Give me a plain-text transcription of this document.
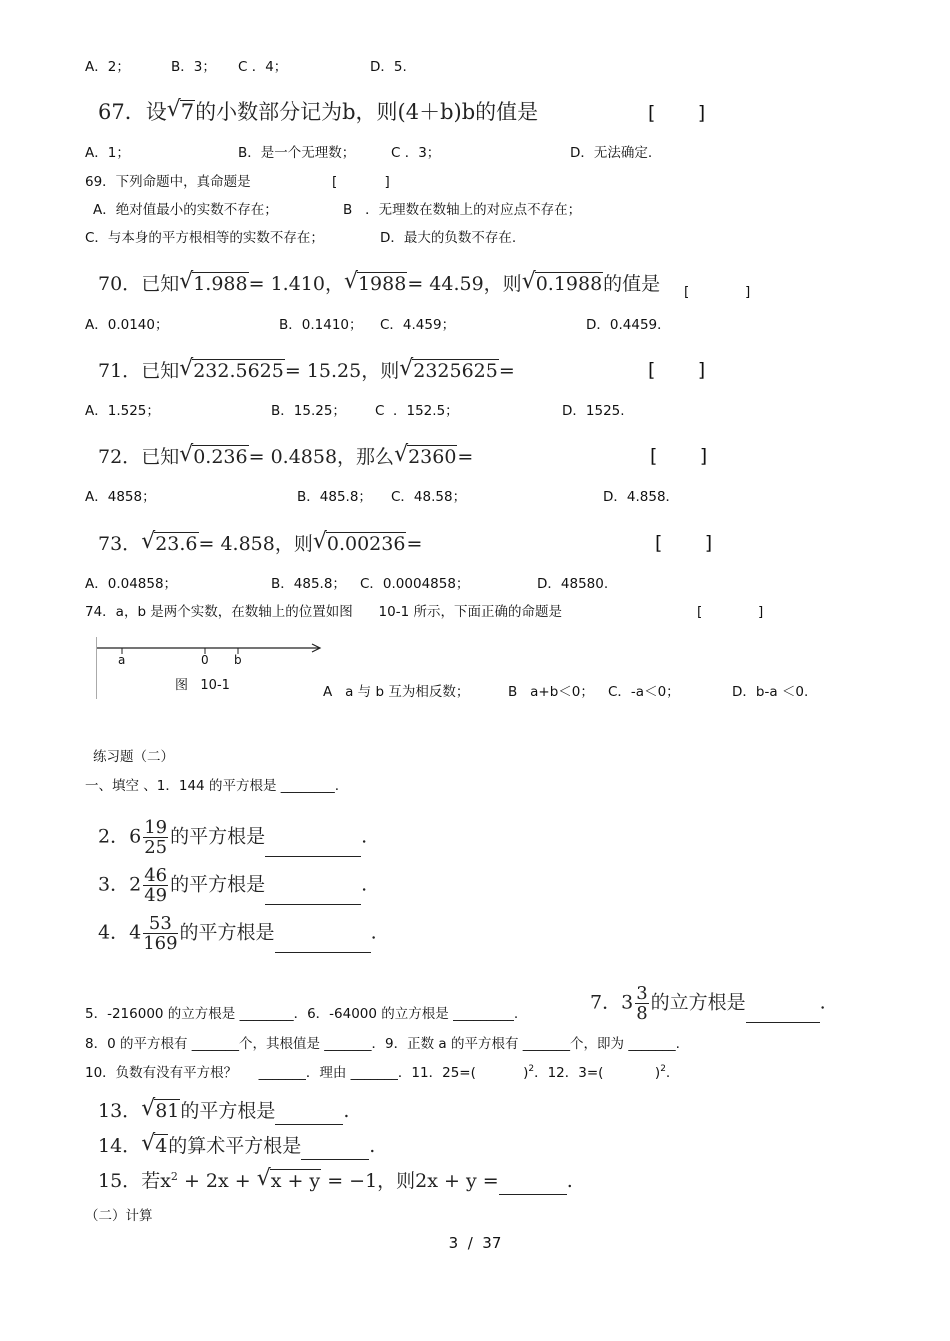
A．2；	B．3； C ．4；	D．5.
67．设 √ 7的小数部分记为b，则(4＋b)b的值是	[       ]
A．1；	B．是一个无理数；	C ．3；	D．无法确定.
69．下列命题中，真命题是	[           ]
A．绝对值最小的实数不存在；	B   ．无理数在数轴上的对应点不存在；
C．与本身的平方根相等的实数不存在；	D．最大的负数不存在.
70．已知 √ 1.988= 1.410， √ 1988= 44.59，则 √ 0.1988的值是 [             ]
A．0.0140；	B．0.1410； C．4.459；	D．0.4459．
71．已知 √ 232.5625= 15.25，则 √ 2325625=	[       ]
A．1.525；	B．15.25； C  ．152.5；	D．1525.
72．已知 √ 0.236= 0.4858，那么 √ 2360=	[       ]
A．4858；	B．485.8； C．48.58；	D．4.858．
73． √ 23.6= 4.858，则 √ 0.00236=	[       ]
A．0.04858；	B．485.8； C．0.0004858；	D．48580.
74．a，b 是两个实数，在数轴上的位置如图      10-1 所示，下面正确的命题是	[             ]
a	0 b
图   10-1	A   a 与 b 互为相反数；	B   a+b＜0； C．-a＜0；	D．b-a ＜0.
练习题（二）
一、填空 、1．144 的平方根是 ________.
2．$6 \frac{19}{25}$ 的平方根是	.
3．$2 \frac{46}{49}$ 的平方根是	.
4．$4 \frac{53}{169}$ 的平方根是	.
5．-216000 的立方根是 ________．6．-64000 的立方根是 _________.
7．$3 \frac{3}{8}$ 的立方根是	.
8．0 的平方根有 _______个，其根值是 _______．9．正数 a 的平方根有 _______个，即为 _______.
10．负数有没有平方根？     _______．理由 _______．11．25=(           )$^2$．12．3=(            )$^2$.
13． √ 81的平方根是	.
14． √ 4的算术平方根是	.
15．若$x^2 + 2x$ + √ x + y = −1，则2x + y =	.
（二）计算
3  /  37
